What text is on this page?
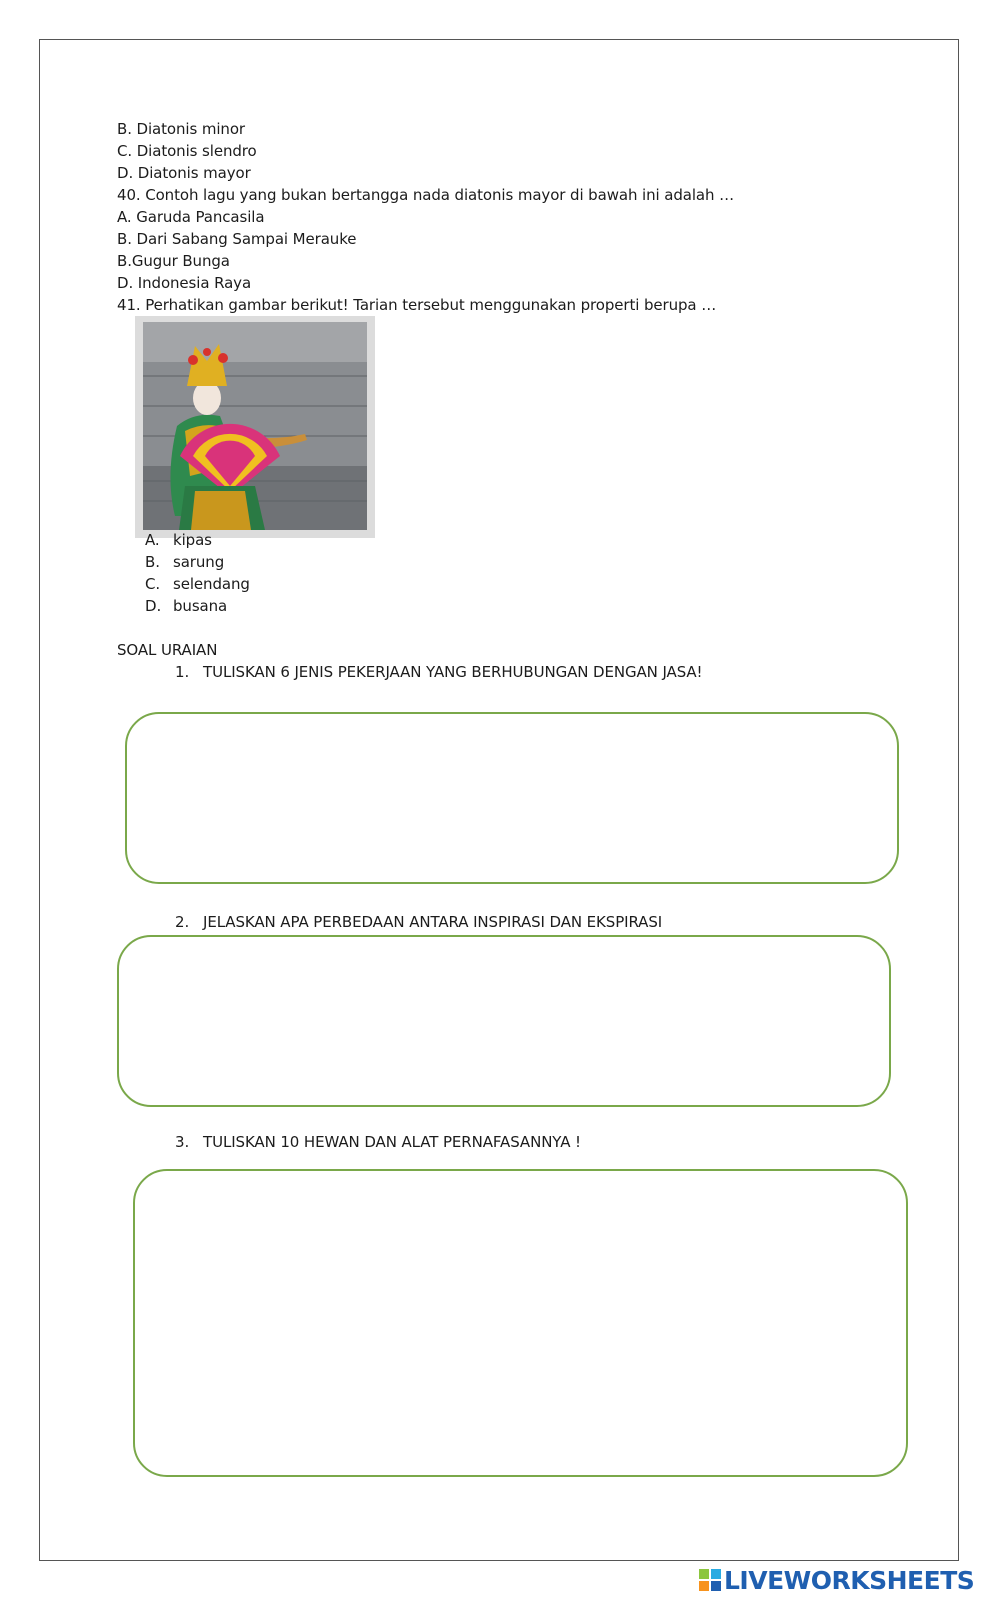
B. Diatonis minor
C. Diatonis slendro
D. Diatonis mayor
40. Contoh lagu yang bukan bertangga nada diatonis mayor di bawah ini adalah …
A. Garuda Pancasila
B. Dari Sabang Sampai Merauke
B.Gugur Bunga
D. Indonesia Raya
41. Perhatikan gambar berikut! Tarian tersebut menggunakan properti berupa …
A. kipas
B. sarung
C. selendang
D. busana
SOAL URAIAN
1. TULISKAN 6 JENIS PEKERJAAN YANG BERHUBUNGAN DENGAN JASA!
2. JELASKAN APA PERBEDAAN ANTARA INSPIRASI DAN EKSPIRASI
3. TULISKAN 10 HEWAN DAN ALAT PERNAFASANNYA !
LIVEWORKSHEETS
